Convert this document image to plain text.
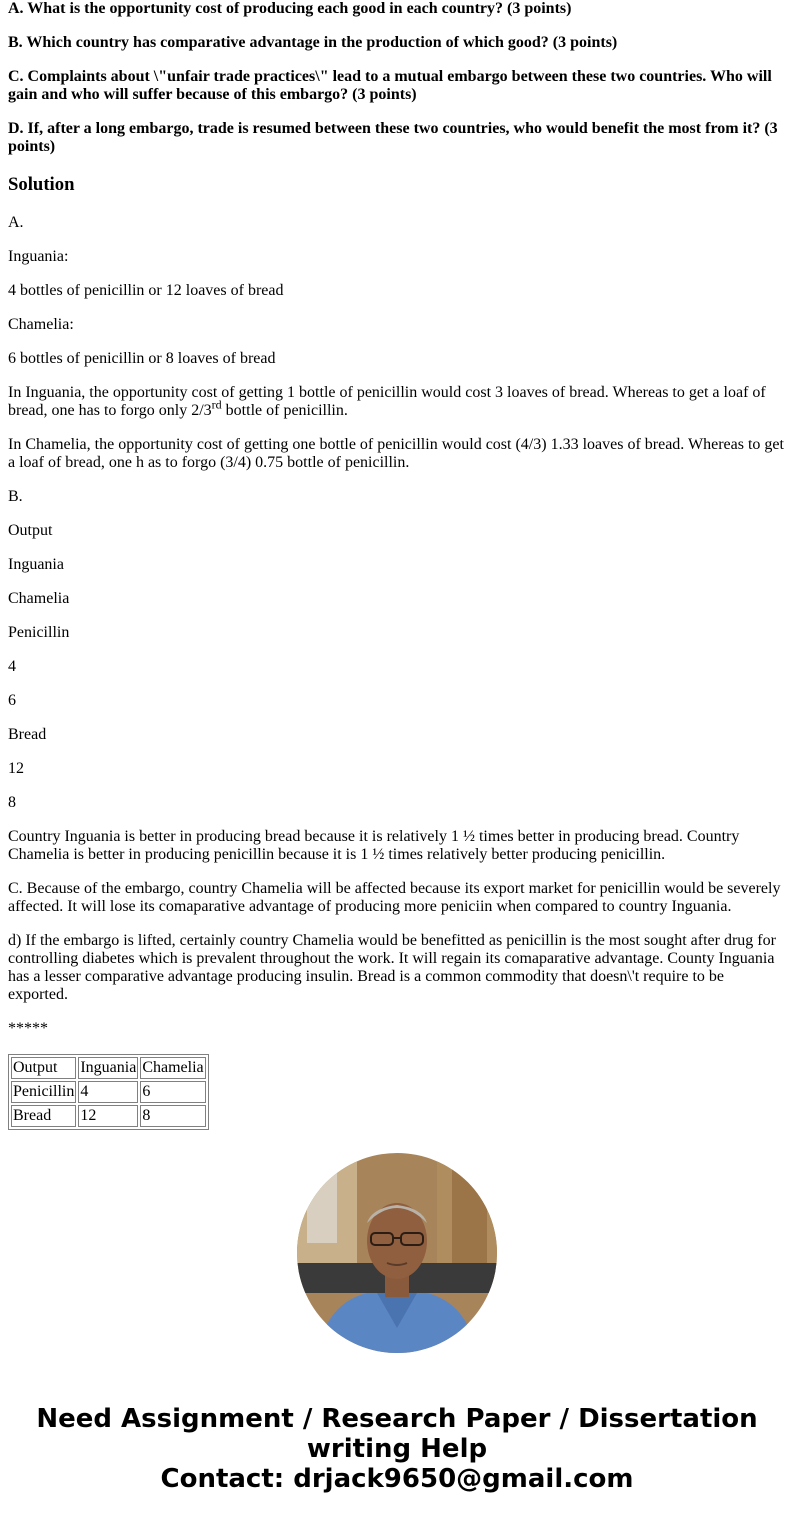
A. What is the opportunity cost of producing each good in each country? (3 points)

B. Which country has comparative advantage in the production of which good? (3 points)

C. Complaints about \"unfair trade practices\" lead to a mutual embargo between these two countries. Who will gain and who will suffer because of this embargo? (3 points)

D. If, after a long embargo, trade is resumed between these two countries, who would benefit the most from it? (3 points)

Solution

A.

Inguania:

4 bottles of penicillin or 12 loaves of bread

Chamelia:

6 bottles of penicillin or 8 loaves of bread

In Inguania, the opportunity cost of getting 1 bottle of penicillin would cost 3 loaves of bread. Whereas to get a loaf of bread, one has to forgo only 2/3rd bottle of penicillin.

In Chamelia, the opportunity cost of getting one bottle of penicillin would cost (4/3) 1.33 loaves of bread. Whereas to get a loaf of bread, one h as to forgo (3/4) 0.75 bottle of penicillin.

B.

Output

Inguania

Chamelia

Penicillin

4

6

Bread

12

8

Country Inguania is better in producing bread because it is relatively 1 ½ times better in producing bread. Country Chamelia is better in producing penicillin because it is 1 ½ times relatively better producing penicillin.

C. Because of the embargo, country Chamelia will be affected because its export market for penicillin would be severely affected. It will lose its comaparative advantage of producing more peniciin when compared to country Inguania.

d) If the embargo is lifted, certainly country Chamelia would be benefitted as penicillin is the most sought after drug for controlling diabetes which is prevalent throughout the work. It will regain its comaparative advantage. County Inguania has a lesser comparative advantage producing insulin. Bread is a common commodity that doesn\'t require to be exported.

*****

Output	Inguania	Chamelia
Penicillin	4	6
Bread	12	8
Need Assignment / Research Paper / Dissertation
writing Help
Contact: drjack9650@gmail.com
